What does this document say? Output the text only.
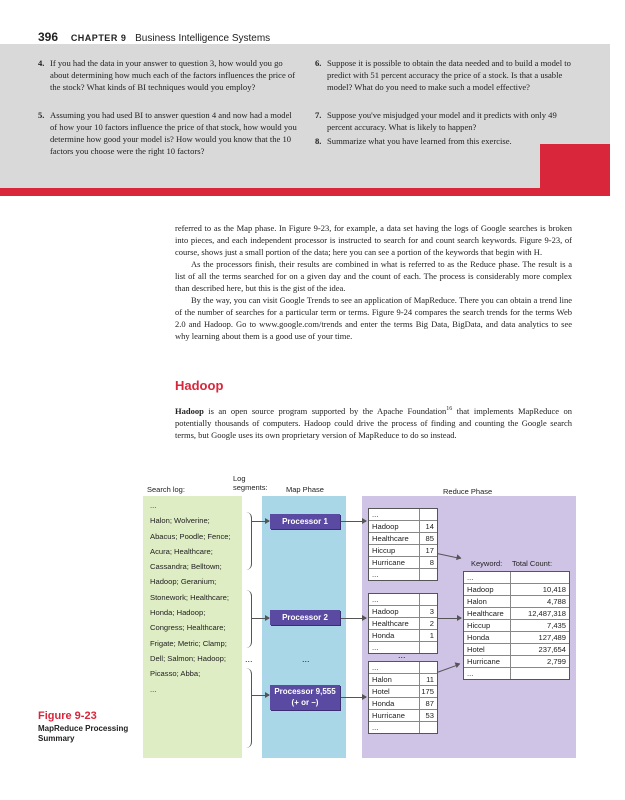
396 CHAPTER 9 Business Intelligence Systems
4. If you had the data in your answer to question 3, how would you go about determining how much each of the factors influences the price of the stock? What kinds of BI techniques would you employ?
5. Assuming you had used BI to answer question 4 and now had a model of how your 10 factors influence the price of that stock, how would you determine how good your model is? How would you know that the 10 factors you choose were the right 10 factors?
6. Suppose it is possible to obtain the data needed and to build a model to predict with 51 percent accuracy the price of a stock. Is that a usable model? What do you need to make such a model effective?
7. Suppose you've misjudged your model and it predicts with only 49 percent accuracy. What is likely to happen?
8. Summarize what you have learned from this exercise.

referred to as the Map phase. In Figure 9-23, for example, a data set having the logs of Google searches is broken into pieces, and each independent processor is instructed to search for and count search keywords. Figure 9-23, of course, shows just a small portion of the data; here you can see a portion of the keywords that begin with H.

As the processors finish, their results are combined in what is referred to as the Reduce phase. The result is a list of all the terms searched for on a given day and the count of each. The process is considerably more complex than described here, but this is the gist of the idea.

By the way, you can visit Google Trends to see an application of MapReduce. There you can obtain a trend line of the number of searches for a particular term or terms. Figure 9-24 compares the search trends for the terms Web 2.0 and Hadoop. Go to www.google.com/trends and enter the terms Big Data, BigData, and data analytics to see why learning about them is a good use of your time.

Hadoop

Hadoop is an open source program supported by the Apache Foundation$^{16}$ that implements MapReduce on potentially thousands of computers. Hadoop could drive the process of finding and counting the Google search terms, but Google uses its own proprietary version of MapReduce to do so instead.

Search log:
Log segments:	Map Phase	Reduce Phase
...
Halon; Wolverine;
Abacus; Poodle; Fence;
Acura; Healthcare;
Cassandra; Belltown;
Hadoop; Geranium;
Stonework; Healthcare;
Honda; Hadoop;
Congress; Healthcare;
Frigate; Metric; Clamp;
Dell; Salmon; Hadoop;
Picasso; Abba;
...
...	...
Processor 1
Processor 2
Processor 9,555 (+ or –)
...
Hadoop	14
Healthcare 85
Hiccup	17
Hurricane	8
...
...
Hadoop	3
Healthcare	2
Honda	1
...
...
...
Halon	11
Hotel	175
Honda	87
Hurricane	53
...
Keyword: Total Count:
...
Hadoop	10,418
Halon	4,788
Healthcare	12,487,318
Hiccup	7,435
Honda	127,489
Hotel	237,654
Hurricane	2,799
...
Figure 9-23
MapReduce Processing Summary
